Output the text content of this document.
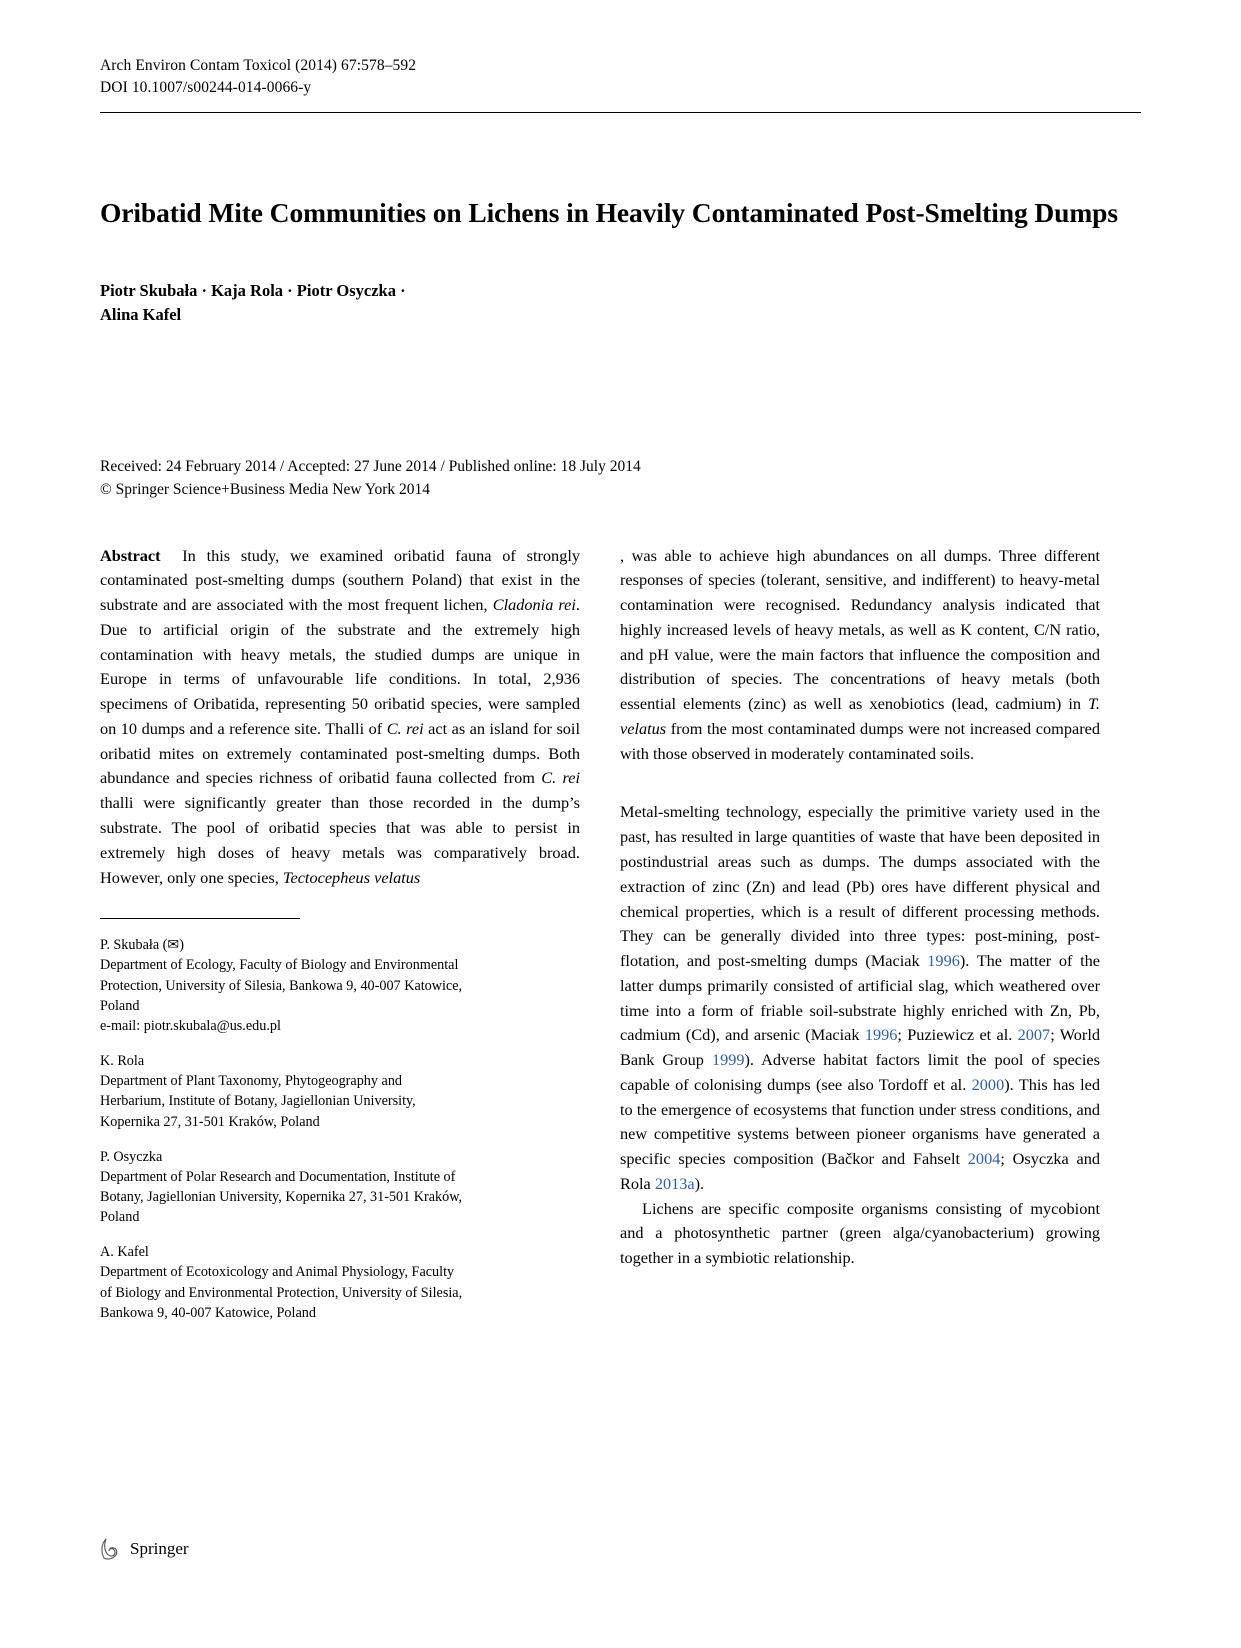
Arch Environ Contam Toxicol (2014) 67:578–592
DOI 10.1007/s00244-014-0066-y
Oribatid Mite Communities on Lichens in Heavily Contaminated Post-Smelting Dumps
Piotr Skubała · Kaja Rola · Piotr Osyczka ·
Alina Kafel
Received: 24 February 2014 / Accepted: 27 June 2014 / Published online: 18 July 2014
© Springer Science+Business Media New York 2014

Abstract In this study, we examined oribatid fauna of strongly contaminated post-smelting dumps (southern Poland) that exist in the substrate and are associated with the most frequent lichen, Cladonia rei. Due to artificial origin of the substrate and the extremely high contamination with heavy metals, the studied dumps are unique in Europe in terms of unfavourable life conditions. In total, 2,936 specimens of Oribatida, representing 50 oribatid species, were sampled on 10 dumps and a reference site. Thalli of C. rei act as an island for soil oribatid mites on extremely contaminated post-smelting dumps. Both abundance and species richness of oribatid fauna collected from C. rei thalli were significantly greater than those recorded in the dump’s substrate. The pool of oribatid species that was able to persist in extremely high doses of heavy metals was comparatively broad. However, only one species, Tectocepheus velatus

P. Skubała (✉)
Department of Ecology, Faculty of Biology and Environmental
Protection, University of Silesia, Bankowa 9, 40-007 Katowice,
Poland
e-mail: piotr.skubala@us.edu.pl
K. Rola
Department of Plant Taxonomy, Phytogeography and
Herbarium, Institute of Botany, Jagiellonian University,
Kopernika 27, 31-501 Kraków, Poland
P. Osyczka
Department of Polar Research and Documentation, Institute of
Botany, Jagiellonian University, Kopernika 27, 31-501 Kraków,
Poland
A. Kafel
Department of Ecotoxicology and Animal Physiology, Faculty
of Biology and Environmental Protection, University of Silesia,
Bankowa 9, 40-007 Katowice, Poland

, was able to achieve high abundances on all dumps. Three different responses of species (tolerant, sensitive, and indifferent) to heavy-metal contamination were recognised. Redundancy analysis indicated that highly increased levels of heavy metals, as well as K content, C/N ratio, and pH value, were the main factors that influence the composition and distribution of species. The concentrations of heavy metals (both essential elements (zinc) as well as xenobiotics (lead, cadmium) in T. velatus from the most contaminated dumps were not increased compared with those observed in moderately contaminated soils.

Metal-smelting technology, especially the primitive variety used in the past, has resulted in large quantities of waste that have been deposited in postindustrial areas such as dumps. The dumps associated with the extraction of zinc (Zn) and lead (Pb) ores have different physical and chemical properties, which is a result of different processing methods. They can be generally divided into three types: post-mining, post-flotation, and post-smelting dumps (Maciak 1996). The matter of the latter dumps primarily consisted of artificial slag, which weathered over time into a form of friable soil-substrate highly enriched with Zn, Pb, cadmium (Cd), and arsenic (Maciak 1996; Puziewicz et al. 2007; World Bank Group 1999). Adverse habitat factors limit the pool of species capable of colonising dumps (see also Tordoff et al. 2000). This has led to the emergence of ecosystems that function under stress conditions, and new competitive systems between pioneer organisms have generated a specific species composition (Bačkor and Fahselt 2004; Osyczka and Rola 2013a).

Lichens are specific composite organisms consisting of mycobiont and a photosynthetic partner (green alga/cyanobacterium) growing together in a symbiotic relationship.

Springer
